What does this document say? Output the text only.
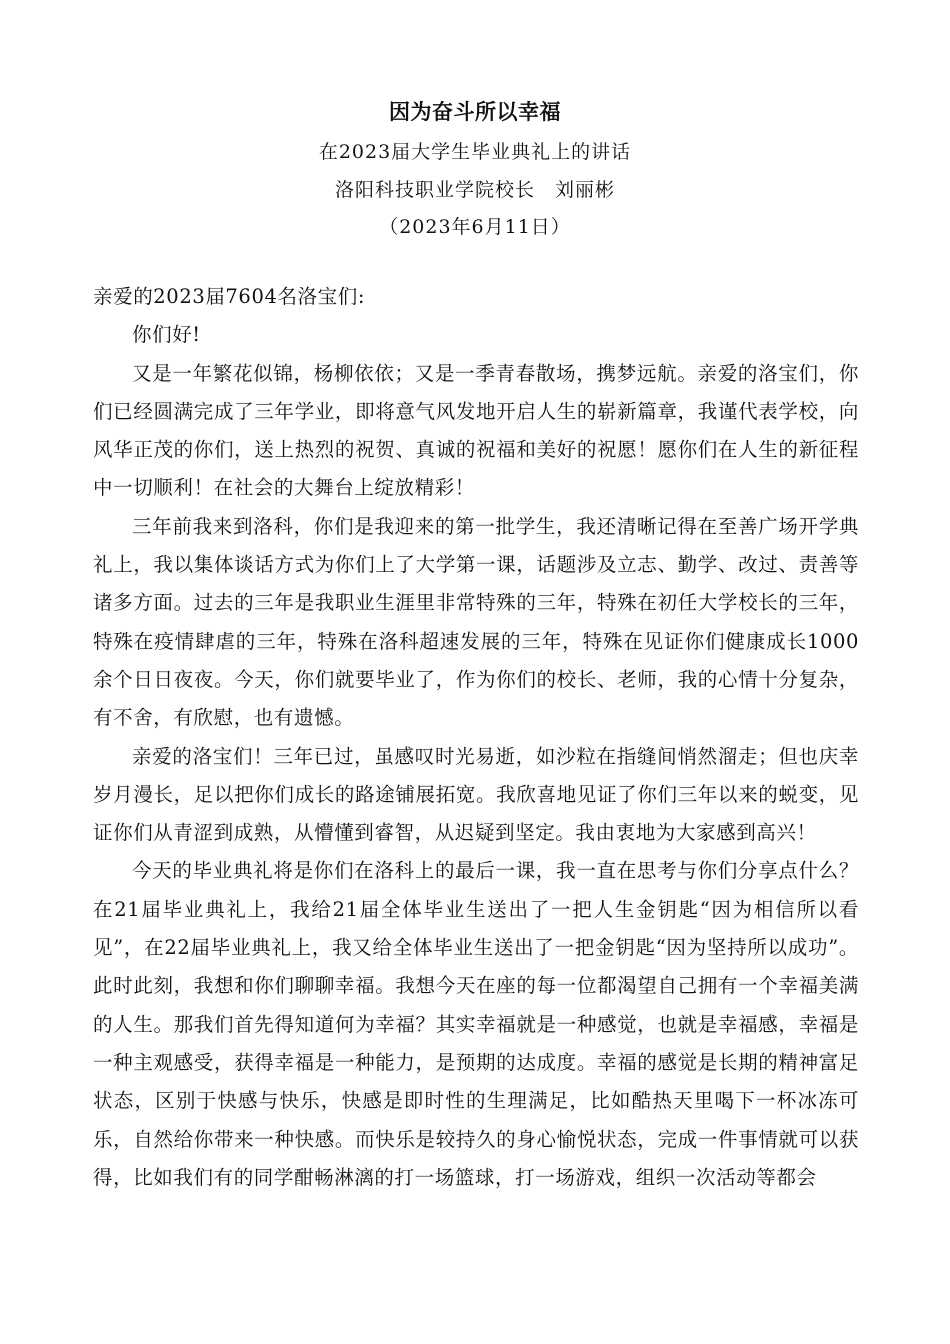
因为奋斗所以幸福
在2023届大学生毕业典礼上的讲话
洛阳科技职业学院校长　刘丽彬
（2023年6月11日）

亲爱的2023届7604名洛宝们:

你们好!

又是一年繁花似锦，杨柳依依；又是一季青春散场，携梦远航。亲爱的洛宝们，你们已经圆满完成了三年学业，即将意气风发地开启人生的崭新篇章，我谨代表学校，向风华正茂的你们，送上热烈的祝贺、真诚的祝福和美好的祝愿！愿你们在人生的新征程中一切顺利！在社会的大舞台上绽放精彩！

三年前我来到洛科，你们是我迎来的第一批学生，我还清晰记得在至善广场开学典礼上，我以集体谈话方式为你们上了大学第一课，话题涉及立志、勤学、改过、责善等诸多方面。过去的三年是我职业生涯里非常特殊的三年，特殊在初任大学校长的三年，特殊在疫情肆虐的三年，特殊在洛科超速发展的三年，特殊在见证你们健康成长1000余个日日夜夜。今天，你们就要毕业了，作为你们的校长、老师，我的心情十分复杂，有不舍，有欣慰，也有遗憾。

亲爱的洛宝们！三年已过，虽感叹时光易逝，如沙粒在指缝间悄然溜走；但也庆幸岁月漫长，足以把你们成长的路途铺展拓宽。我欣喜地见证了你们三年以来的蜕变，见证你们从青涩到成熟，从懵懂到睿智，从迟疑到坚定。我由衷地为大家感到高兴！

今天的毕业典礼将是你们在洛科上的最后一课，我一直在思考与你们分享点什么？在21届毕业典礼上，我给21届全体毕业生送出了一把人生金钥匙“因为相信所以看见”，在22届毕业典礼上，我又给全体毕业生送出了一把金钥匙“因为坚持所以成功”。此时此刻，我想和你们聊聊幸福。我想今天在座的每一位都渴望自己拥有一个幸福美满的人生。那我们首先得知道何为幸福？其实幸福就是一种感觉，也就是幸福感，幸福是一种主观感受，获得幸福是一种能力，是预期的达成度。幸福的感觉是长期的精神富足状态，区别于快感与快乐，快感是即时性的生理满足，比如酷热天里喝下一杯冰冻可乐，自然给你带来一种快感。而快乐是较持久的身心愉悦状态，完成一件事情就可以获得，比如我们有的同学酣畅淋漓的打一场篮球，打一场游戏，组织一次活动等都会
